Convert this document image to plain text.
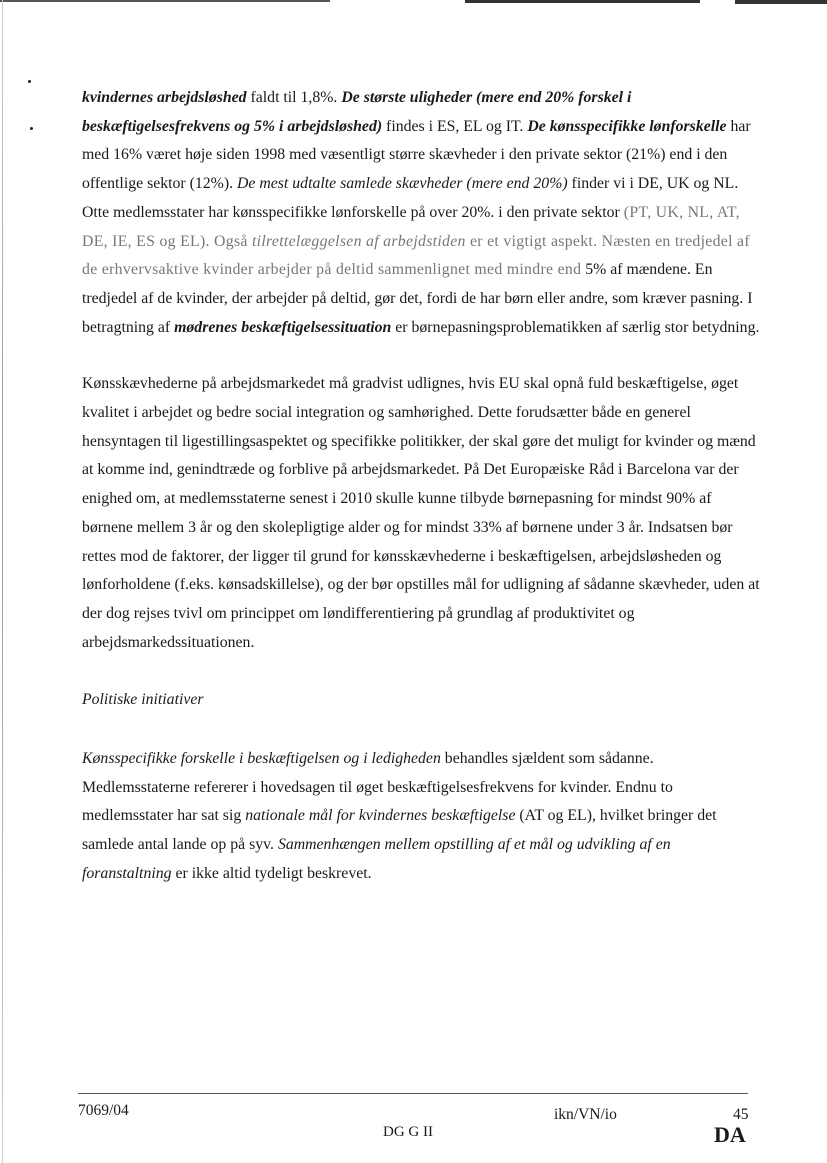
kvindernes arbejdsløshed faldt til 1,8%. De største uligheder (mere end 20% forskel i beskæftigelsesfrekvens og 5% i arbejdsløshed) findes i ES, EL og IT. De kønsspecifikke lønforskelle har med 16% været høje siden 1998 med væsentligt større skævheder i den private sektor (21%) end i den offentlige sektor (12%). De mest udtalte samlede skævheder (mere end 20%) finder vi i DE, UK og NL. Otte medlemsstater har kønsspecifikke lønforskelle på over 20%. i den private sektor (PT, UK, NL, AT, DE, IE, ES og EL). Også tilrettelæggelsen af arbejdstiden er et vigtigt aspekt. Næsten en tredjedel af de erhvervsaktive kvinder arbejder på deltid sammenlignet med mindre end 5% af mændene. En tredjedel af de kvinder, der arbejder på deltid, gør det, fordi de har børn eller andre, som kræver pasning. I betragtning af mødrenes beskæftigelsessituation er børnepasningsproblematikken af særlig stor betydning.

Kønsskævhederne på arbejdsmarkedet må gradvist udlignes, hvis EU skal opnå fuld beskæftigelse, øget kvalitet i arbejdet og bedre social integration og samhørighed. Dette forudsætter både en generel hensyntagen til ligestillingsaspektet og specifikke politikker, der skal gøre det muligt for kvinder og mænd at komme ind, genindtræde og forblive på arbejdsmarkedet. På Det Europæiske Råd i Barcelona var der enighed om, at medlemsstaterne senest i 2010 skulle kunne tilbyde børnepasning for mindst 90% af børnene mellem 3 år og den skolepligtige alder og for mindst 33% af børnene under 3 år. Indsatsen bør rettes mod de faktorer, der ligger til grund for kønsskævhederne i beskæftigelsen, arbejdsløsheden og lønforholdene (f.eks. kønsadskillelse), og der bør opstilles mål for udligning af sådanne skævheder, uden at der dog rejses tvivl om princippet om løndifferentiering på grundlag af produktivitet og arbejdsmarkedssituationen.

Politiske initiativer

Kønsspecifikke forskelle i beskæftigelsen og i ledigheden behandles sjældent som sådanne. Medlemsstaterne refererer i hovedsagen til øget beskæftigelsesfrekvens for kvinder. Endnu to medlemsstater har sat sig nationale mål for kvindernes beskæftigelse (AT og EL), hvilket bringer det samlede antal lande op på syv. Sammenhængen mellem opstilling af et mål og udvikling af en foranstaltning er ikke altid tydeligt beskrevet.

7069/04	ikn/VN/io	45
DG G II	DA
